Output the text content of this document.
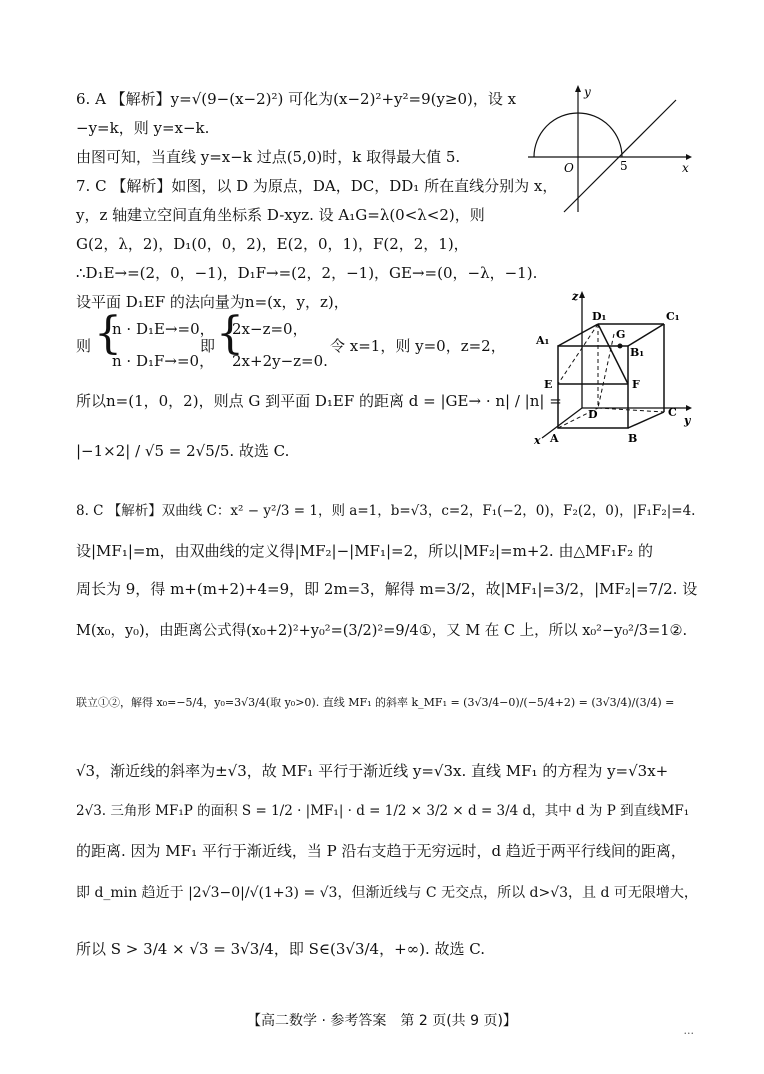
6. A 【解析】y=√(9−(x−2)²) 可化为(x−2)²+y²=9(y≥0)，设 x
−y=k，则 y=x−k.
由图可知，当直线 y=x−k 过点(5,0)时，k 取得最大值 5.
y
x
O	5
7. C 【解析】如图，以 D 为原点，DA，DC，DD₁ 所在直线分别为 x，
y，z 轴建立空间直角坐标系 D-xyz. 设 A₁G=λ(0<λ<2)，则
G(2，λ，2)，D₁(0，0，2)，E(2，0，1)，F(2，2，1)，
∴D₁E→=(2，0，−1)，D₁F→=(2，2，−1)，GE→=(0，−λ，−1).
设平面 D₁EF 的法向量为n=(x，y，z)，
则 {
n · D₁E→=0，
n · D₁F→=0，
即 {
2x−z=0，
2x+2y−z=0.
令 x=1，则 y=0，z=2，
所以n=(1，0，2)，则点 G 到平面 D₁EF 的距离 d = |GE→ · n| / |n| =
|−1×2| / √5 = 2√5/5. 故选 C.
z
y
x
D₁	C₁
A₁
B₁
G
E	F
D	C
A	B
8. C 【解析】双曲线 C：x² − y²/3 = 1，则 a=1，b=√3，c=2，F₁(−2，0)，F₂(2，0)，|F₁F₂|=4.
设|MF₁|=m，由双曲线的定义得|MF₂|−|MF₁|=2，所以|MF₂|=m+2. 由△MF₁F₂ 的
周长为 9，得 m+(m+2)+4=9，即 2m=3，解得 m=3/2，故|MF₁|=3/2，|MF₂|=7/2. 设
M(x₀，y₀)，由距离公式得(x₀+2)²+y₀²=(3/2)²=9/4①，又 M 在 C 上，所以 x₀²−y₀²/3=1②.
联立①②，解得 x₀=−5/4，y₀=3√3/4(取 y₀>0). 直线 MF₁ 的斜率 k_MF₁ = (3√3/4−0)/(−5/4+2) = (3√3/4)/(3/4) =
√3，渐近线的斜率为±√3，故 MF₁ 平行于渐近线 y=√3x. 直线 MF₁ 的方程为 y=√3x+
2√3. 三角形 MF₁P 的面积 S = 1/2 · |MF₁| · d = 1/2 × 3/2 × d = 3/4 d，其中 d 为 P 到直线MF₁
的距离. 因为 MF₁ 平行于渐近线，当 P 沿右支趋于无穷远时，d 趋近于两平行线间的距离，
即 d_min 趋近于 |2√3−0|/√(1+3) = √3，但渐近线与 C 无交点，所以 d>√3，且 d 可无限增大，
所以 S > 3/4 × √3 = 3√3/4，即 S∈(3√3/4，+∞). 故选 C.
【高二数学 · 参考答案　第 2 页(共 9 页)】
...
